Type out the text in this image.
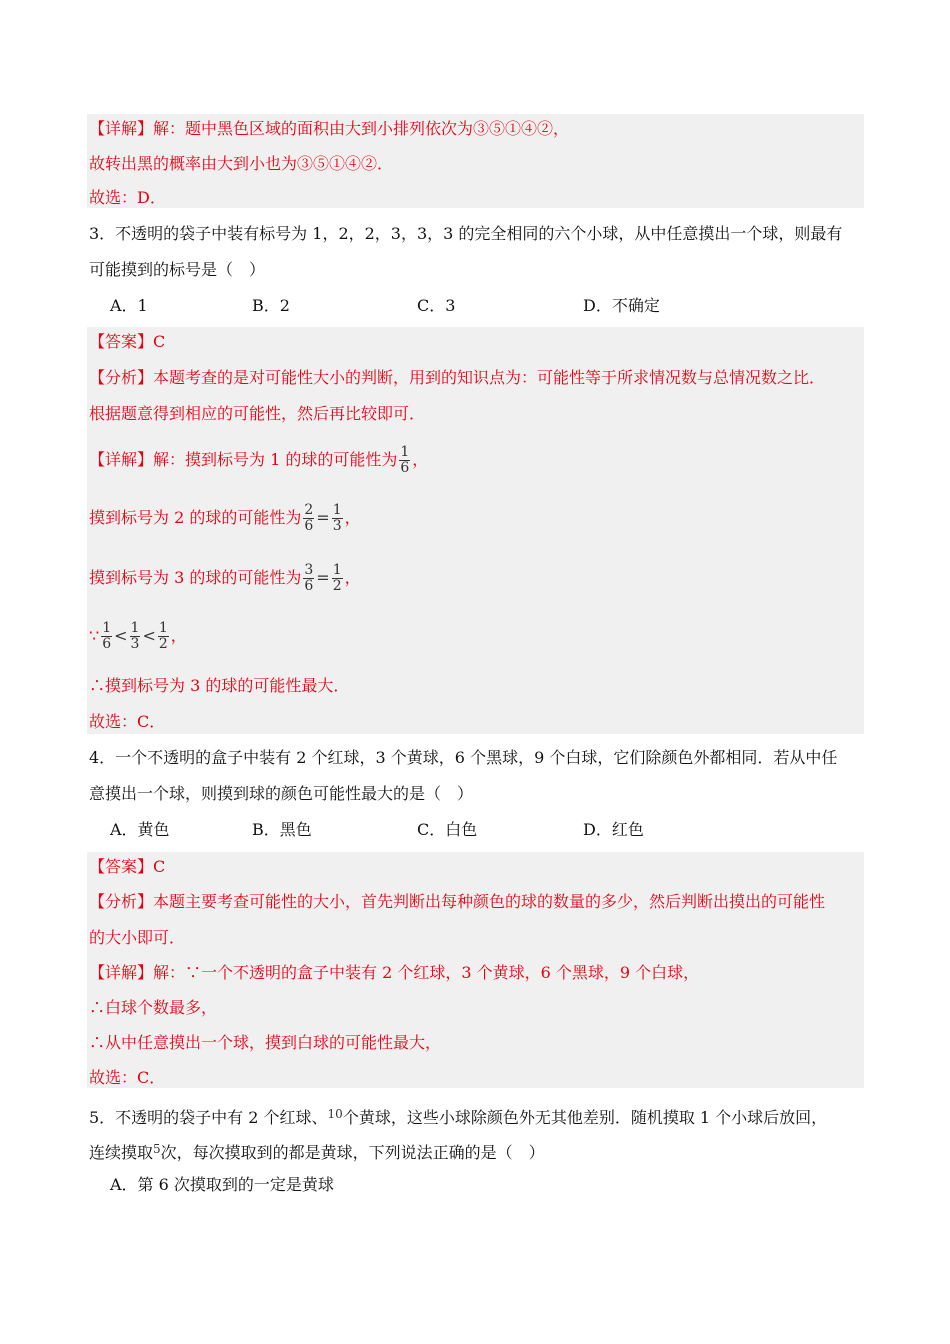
【详解】解：题中黑色区域的面积由大到小排列依次为③⑤①④②，
故转出黑的概率由大到小也为③⑤①④②．
故选：D．
3．不透明的袋子中装有标号为 1，2，2，3，3，3 的完全相同的六个小球，从中任意摸出一个球，则最有
可能摸到的标号是（　）
A．1	B．2	C．3	D．不确定
【答案】C
【分析】本题考查的是对可能性大小的判断，用到的知识点为：可能性等于所求情况数与总情况数之比．
根据题意得到相应的可能性，然后再比较即可．
【详解】解：摸到标号为 1 的球的可能性为 $\frac{1}{6}$ ，
摸到标号为 2 的球的可能性为 $\frac{2}{6} = \frac{1}{3}$ ，
摸到标号为 3 的球的可能性为 $\frac{3}{6} = \frac{1}{2}$ ，
∵ $\frac{1}{6} < \frac{1}{3} < \frac{1}{2}$ ，
∴摸到标号为 3 的球的可能性最大．
故选：C．
4．一个不透明的盒子中装有 2 个红球，3 个黄球，6 个黑球，9 个白球，它们除颜色外都相同．若从中任
意摸出一个球，则摸到球的颜色可能性最大的是（　）
A．黄色	B．黑色	C．白色	D．红色
【答案】C
【分析】本题主要考查可能性的大小，首先判断出每种颜色的球的数量的多少，然后判断出摸出的可能性
的大小即可．
【详解】解：∵一个不透明的盒子中装有 2 个红球，3 个黄球，6 个黑球，9 个白球，
∴白球个数最多，
∴从中任意摸出一个球，摸到白球的可能性最大，
故选：C．
5．不透明的袋子中有 2 个红球、$^{10}$个黄球，这些小球除颜色外无其他差别．随机摸取 1 个小球后放回，
连续摸取$^5$次，每次摸取到的都是黄球，下列说法正确的是（　）
A．第 6 次摸取到的一定是黄球
